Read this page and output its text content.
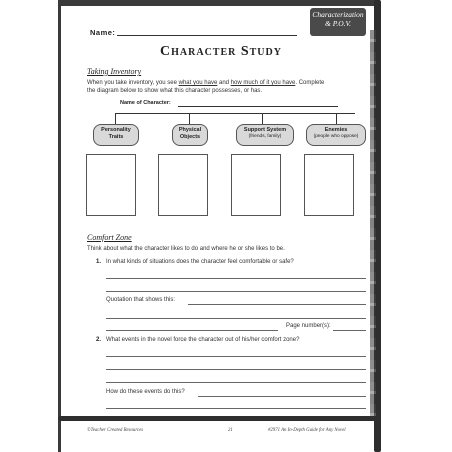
Characterization
& P.O.V.
Name:
Character Study
Taking Inventory
When you take inventory, you see what you have and how much of it you have. Complete
the diagram below to show what this character possesses, or has.
Name of Character:
Personality
Traits
Physical
Objects
Support System
(friends, family)
Enemies
(people who oppose)
Comfort Zone
Think about what the character likes to do and where he or she likes to be.
1. In what kinds of situations does the character feel comfortable or safe?
Quotation that shows this:
Page number(s):
2. What events in the novel force the character out of his/her comfort zone?
How do these events do this?
©Teacher Created Resources	21	#2971 An In-Depth Guide for Any Novel
